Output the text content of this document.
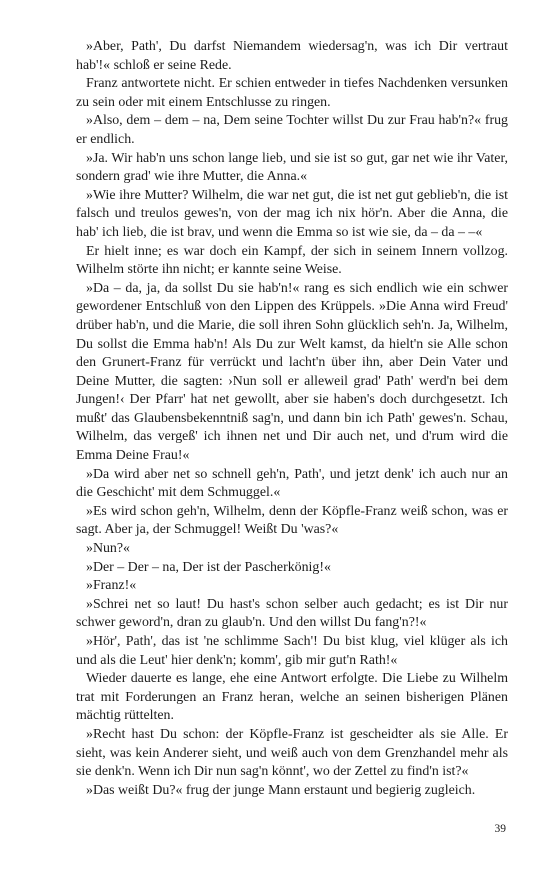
»Aber, Path', Du darfst Niemandem wiedersag'n, was ich Dir vertraut hab'!« schloß er seine Rede.

Franz antwortete nicht. Er schien entweder in tiefes Nachdenken versunken zu sein oder mit einem Entschlusse zu ringen.

»Also, dem – dem – na, Dem seine Tochter willst Du zur Frau hab'n?« frug er endlich.

»Ja. Wir hab'n uns schon lange lieb, und sie ist so gut, gar net wie ihr Vater, sondern grad' wie ihre Mutter, die Anna.«

»Wie ihre Mutter? Wilhelm, die war net gut, die ist net gut geblieb'n, die ist falsch und treulos gewes'n, von der mag ich nix hör'n. Aber die Anna, die hab' ich lieb, die ist brav, und wenn die Emma so ist wie sie, da – da – –«

Er hielt inne; es war doch ein Kampf, der sich in seinem Innern vollzog. Wilhelm störte ihn nicht; er kannte seine Weise.

»Da – da, ja, da sollst Du sie hab'n!« rang es sich endlich wie ein schwer gewordener Entschluß von den Lippen des Krüppels. »Die Anna wird Freud' drüber hab'n, und die Marie, die soll ihren Sohn glücklich seh'n. Ja, Wilhelm, Du sollst die Emma hab'n! Als Du zur Welt kamst, da hielt'n sie Alle schon den Grunert-Franz für verrückt und lacht'n über ihn, aber Dein Vater und Deine Mutter, die sagten: ›Nun soll er alleweil grad' Path' werd'n bei dem Jungen!‹ Der Pfarr' hat net gewollt, aber sie haben's doch durchgesetzt. Ich mußt' das Glaubensbekenntniß sag'n, und dann bin ich Path' gewes'n. Schau, Wilhelm, das vergeß' ich ihnen net und Dir auch net, und d'rum wird die Emma Deine Frau!«

»Da wird aber net so schnell geh'n, Path', und jetzt denk' ich auch nur an die Geschicht' mit dem Schmuggel.«

»Es wird schon geh'n, Wilhelm, denn der Köpfle-Franz weiß schon, was er sagt. Aber ja, der Schmuggel! Weißt Du 'was?«

»Nun?«

»Der – Der – na, Der ist der Pascherkönig!«

»Franz!«

»Schrei net so laut! Du hast's schon selber auch gedacht; es ist Dir nur schwer geword'n, dran zu glaub'n. Und den willst Du fang'n?!«

»Hör', Path', das ist 'ne schlimme Sach'! Du bist klug, viel klüger als ich und als die Leut' hier denk'n; komm', gib mir gut'n Rath!«

Wieder dauerte es lange, ehe eine Antwort erfolgte. Die Liebe zu Wilhelm trat mit Forderungen an Franz heran, welche an seinen bisherigen Plänen mächtig rüttelten.

»Recht hast Du schon: der Köpfle-Franz ist gescheidter als sie Alle. Er sieht, was kein Anderer sieht, und weiß auch von dem Grenzhandel mehr als sie denk'n. Wenn ich Dir nun sag'n könnt', wo der Zettel zu find'n ist?«

»Das weißt Du?« frug der junge Mann erstaunt und begierig zugleich.

39
